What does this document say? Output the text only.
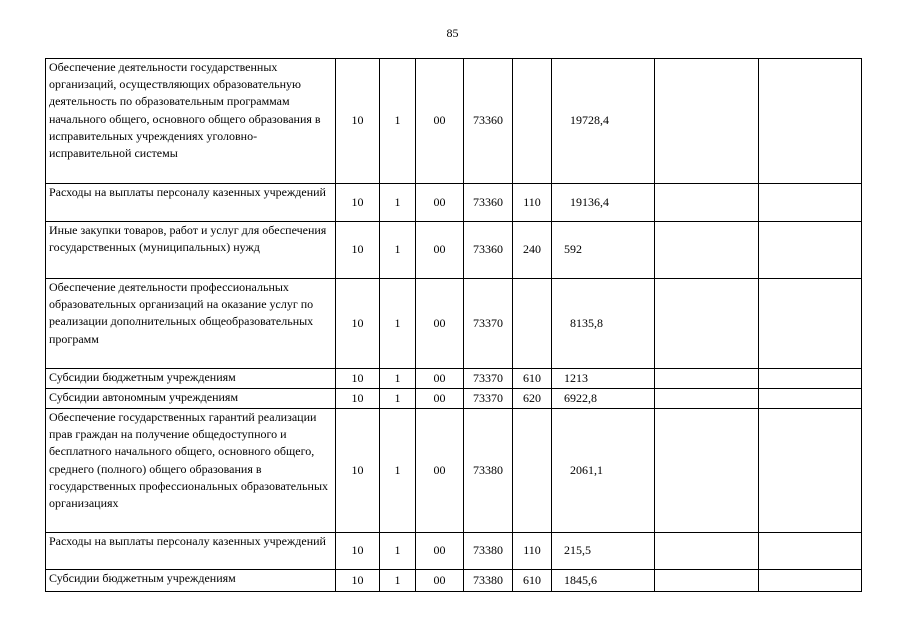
85
Обеспечение деятельности государственных организаций, осуществляющих образовательную деятельность по образовательным программам начального общего, основного общего образования в исправительных учреждениях уголовно-исправительной системы	10	1	00	73360		19728,4		
Расходы на выплаты персоналу казенных учреждений	10	1	00	73360	110	19136,4		
Иные закупки товаров, работ и услуг для обеспечения государственных (муниципальных) нужд	10	1	00	73360	240	592		
Обеспечение деятельности профессиональных образовательных организаций на оказание услуг по реализации дополнительных общеобразовательных программ	10	1	00	73370		8135,8		
Субсидии бюджетным учреждениям	10	1	00	73370	610	1213		
Субсидии автономным учреждениям	10	1	00	73370	620	6922,8		
Обеспечение государственных гарантий реализации прав граждан на получение общедоступного и бесплатного начального общего, основного общего, среднего (полного) общего образования в государственных профессиональных образовательных организациях	10	1	00	73380		2061,1		
Расходы на выплаты персоналу казенных учреждений	10	1	00	73380	110	215,5		
Субсидии бюджетным учреждениям	10	1	00	73380	610	1845,6		
